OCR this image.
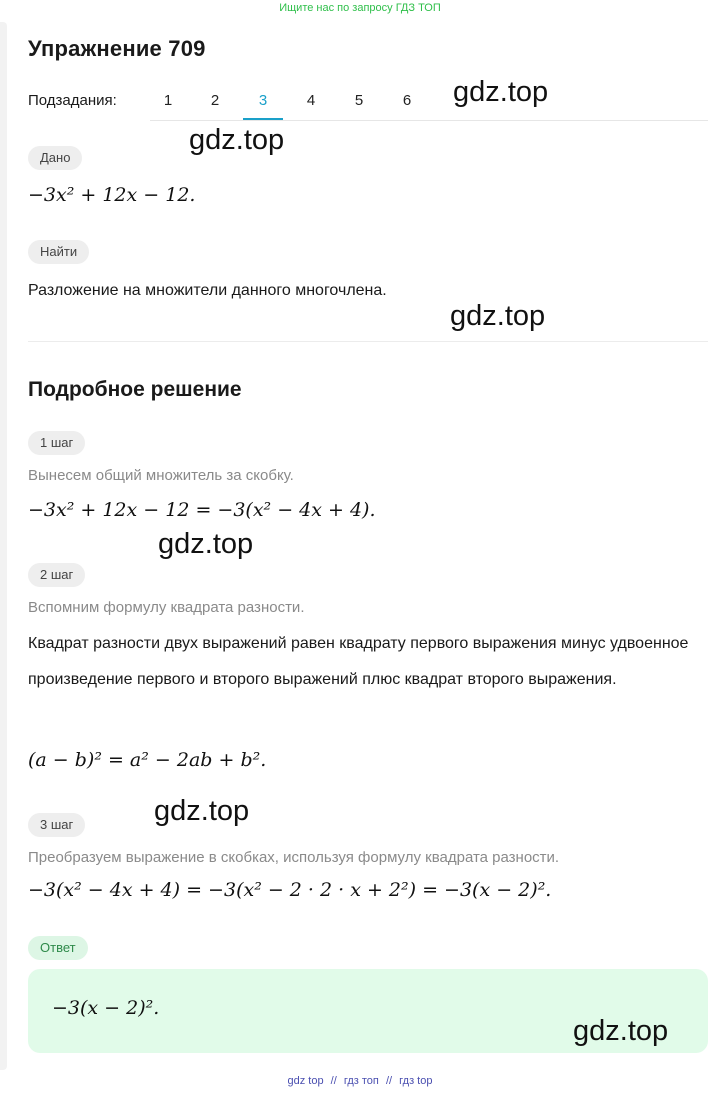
Ищите нас по запросу ГДЗ ТОП
Упражнение 709
Подзадания:	1	2	3	4	5	6
Дано
−3x² + 12x − 12.
Найти
Разложение на множители данного многочлена.
Подробное решение
1 шаг
Вынесем общий множитель за скобку.
−3x² + 12x − 12 = −3(x² − 4x + 4).
2 шаг
Вспомним формулу квадрата разности.
Квадрат разности двух выражений равен квадрату первого выражения минус удвоенное произведение первого и второго выражений плюс квадрат второго выражения.
(a − b)² = a² − 2ab + b².
3 шаг
Преобразуем выражение в скобках, используя формулу квадрата разности.
−3(x² − 4x + 4) = −3(x² − 2 · 2 · x + 2²) = −3(x − 2)².
Ответ
−3(x − 2)².
gdz.top
gdz.top
gdz.top
gdz.top
gdz.top
gdz.top
gdz top // гдз топ // гдз top
